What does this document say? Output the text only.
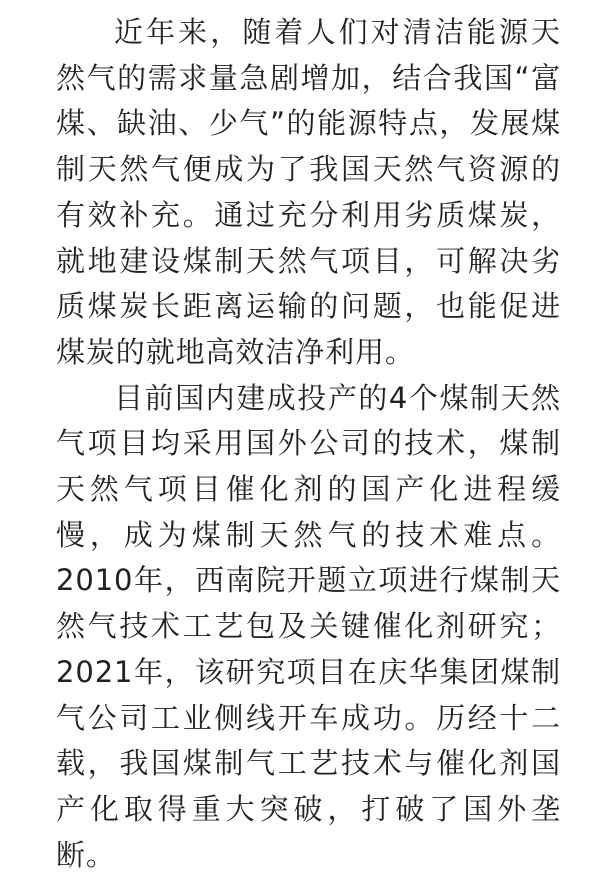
近年来，随着人们对清洁能源天然气的需求量急剧增加，结合我国“富煤、缺油、少气”的能源特点，发展煤制天然气便成为了我国天然气资源的有效补充。通过充分利用劣质煤炭，就地建设煤制天然气项目，可解决劣质煤炭长距离运输的问题，也能促进煤炭的就地高效洁净利用。

目前国内建成投产的4个煤制天然气项目均采用国外公司的技术，煤制天然气项目催化剂的国产化进程缓慢，成为煤制天然气的技术难点。2010年，西南院开题立项进行煤制天然气技术工艺包及关键催化剂研究；2021年，该研究项目在庆华集团煤制气公司工业侧线开车成功。历经十二载，我国煤制气工艺技术与催化剂国产化取得重大突破，打破了国外垄断。
